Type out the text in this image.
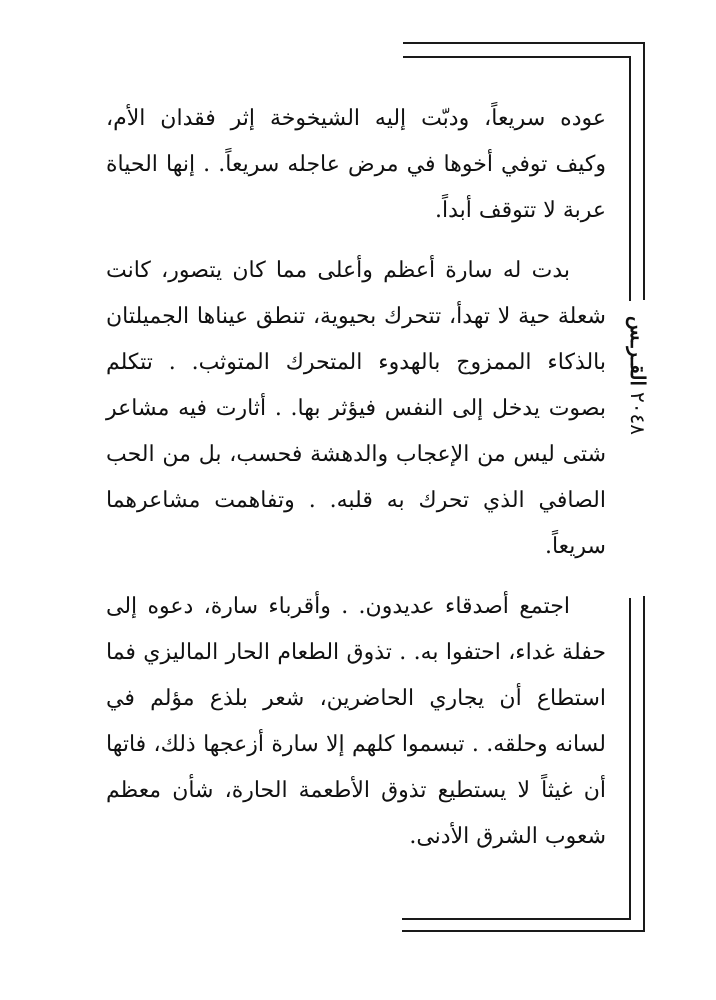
القـرـس
٢٠٤٨

عوده سريعاً، ودبّت إليه الشيخوخة إثر فقدان الأم، وكيف توفي أخوها في مرض عاجله سريعاً. . إنها الحياة عربة لا تتوقف أبداً.

بدت له سارة أعظم وأعلى مما كان يتصور، كانت شعلة حية لا تهدأ، تتحرك بحيوية، تنطق عيناها الجميلتان بالذكاء الممزوج بالهدوء المتحرك المتوثب. . تتكلم بصوت يدخل إلى النفس فيؤثر بها. . أثارت فيه مشاعر شتى ليس من الإعجاب والدهشة فحسب، بل من الحب الصافي الذي تحرك به قلبه. . وتفاهمت مشاعرهما سريعاً.

اجتمع أصدقاء عديدون. . وأقرباء سارة، دعوه إلى حفلة غداء، احتفوا به. . تذوق الطعام الحار الماليزي فما استطاع أن يجاري الحاضرين، شعر بلذع مؤلم في لسانه وحلقه. . تبسموا كلهم إلا سارة أزعجها ذلك، فاتها أن غيثاً لا يستطيع تذوق الأطعمة الحارة، شأن معظم شعوب الشرق الأدنى.
